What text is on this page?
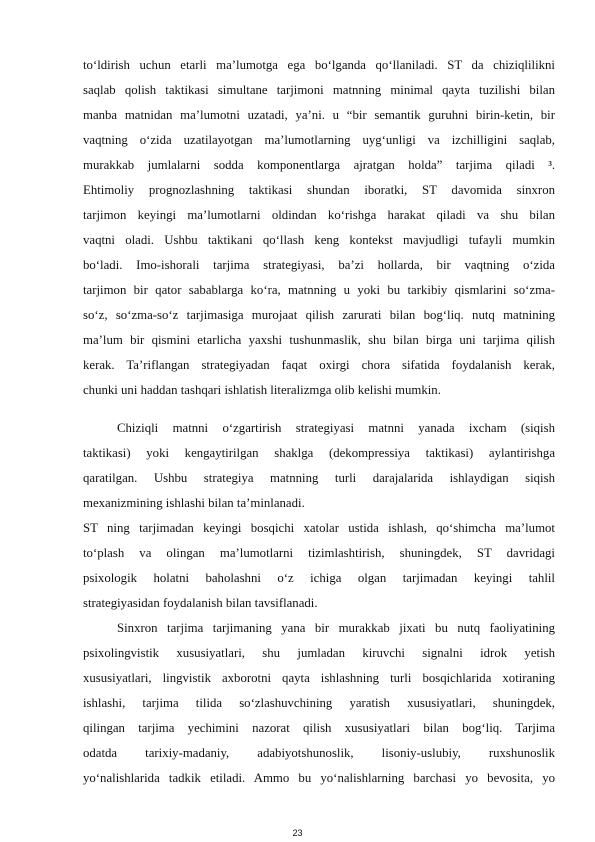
to‘ldirish uchun etarli ma’lumotga ega bo‘lganda qo‘llaniladi. ST da chiziqlilikni
saqlab qolish taktikasi simultane tarjimoni matnning minimal qayta tuzilishi bilan
manba matnidan ma’lumotni uzatadi, ya’ni. u “bir semantik guruhni birin-ketin, bir
vaqtning o‘zida uzatilayotgan ma’lumotlarning uyg‘unligi va izchilligini saqlab,
murakkab jumlalarni sodda komponentlarga ajratgan holda” tarjima qiladi $^3$.
Ehtimoliy prognozlashning taktikasi shundan iboratki, ST davomida sinxron
tarjimon keyingi ma’lumotlarni oldindan ko‘rishga harakat qiladi va shu bilan
vaqtni oladi. Ushbu taktikani qo‘llash keng kontekst mavjudligi tufayli mumkin
bo‘ladi. Imo-ishorali tarjima strategiyasi, ba’zi hollarda, bir vaqtning o‘zida
tarjimon bir qator sabablarga ko‘ra, matnning u yoki bu tarkibiy qismlarini so‘zma-
so‘z, so‘zma-so‘z tarjimasiga murojaat qilish zarurati bilan bog‘liq. nutq matnining
ma’lum bir qismini etarlicha yaxshi tushunmaslik, shu bilan birga uni tarjima qilish
kerak. Ta’riflangan strategiyadan faqat oxirgi chora sifatida foydalanish kerak,
chunki uni haddan tashqari ishlatish literalizmga olib kelishi mumkin.
Chiziqli matnni o‘zgartirish strategiyasi matnni yanada ixcham (siqish
taktikasi) yoki kengaytirilgan shaklga (dekompressiya taktikasi) aylantirishga
qaratilgan. Ushbu strategiya matnning turli darajalarida ishlaydigan siqish
mexanizmining ishlashi bilan ta’minlanadi.
ST ning tarjimadan keyingi bosqichi xatolar ustida ishlash, qo‘shimcha ma’lumot
to‘plash va olingan ma’lumotlarni tizimlashtirish, shuningdek, ST davridagi
psixologik holatni baholashni o‘z ichiga olgan tarjimadan keyingi tahlil
strategiyasidan foydalanish bilan tavsiflanadi.
Sinxron tarjima tarjimaning yana bir murakkab jixati bu nutq faoliyatining
psixolingvistik xususiyatlari, shu jumladan kiruvchi signalni idrok yetish
xususiyatlari, lingvistik axborotni qayta ishlashning turli bosqichlarida xotiraning
ishlashi, tarjima tilida so‘zlashuvchining yaratish xususiyatlari, shuningdek,
qilingan tarjima yechimini nazorat qilish xususiyatlari bilan bog‘liq. Tarjima
odatda tarixiy-madaniy, adabiyotshunoslik, lisoniy-uslubiy, ruxshunoslik
yo‘nalishlarida tadkik etiladi. Ammo bu yo‘nalishlarning barchasi yo bevosita, yo
23
